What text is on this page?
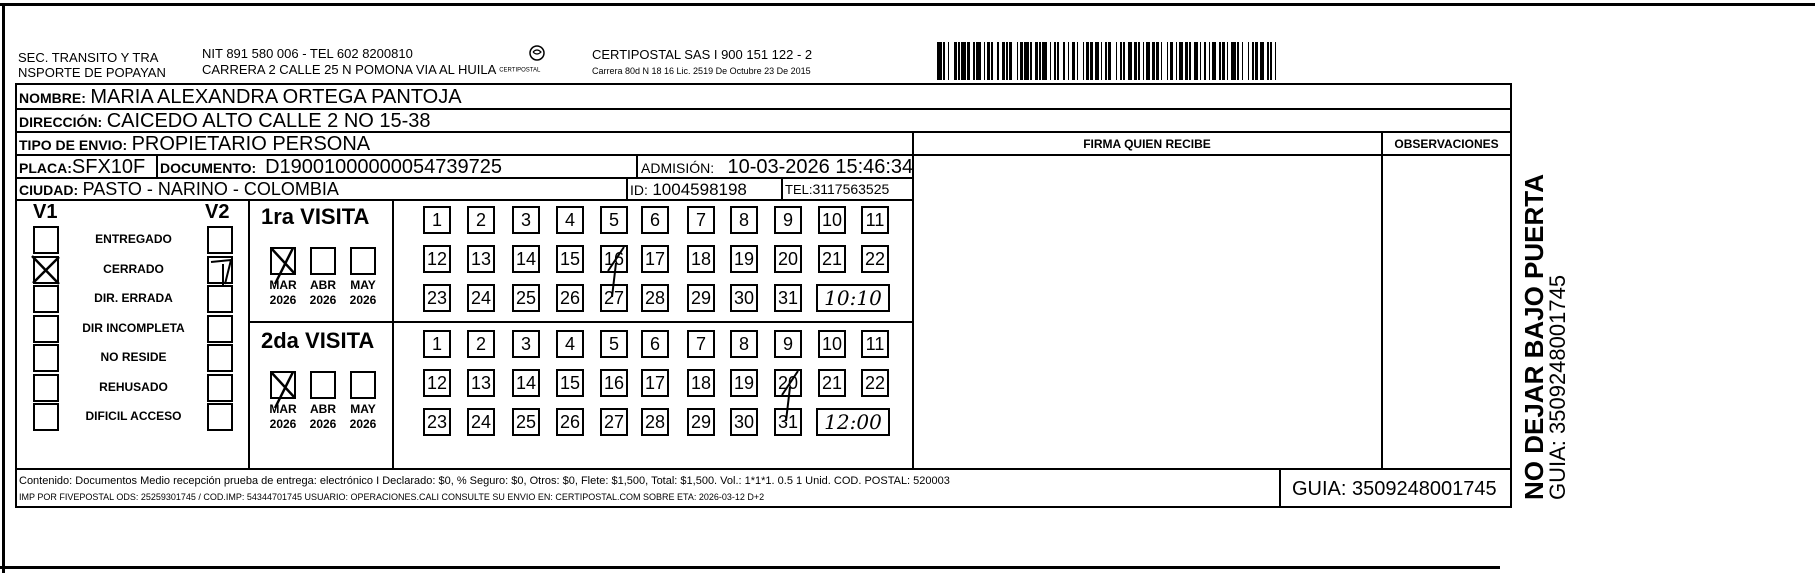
SEC. TRANSITO Y TRA
NSPORTE DE POPAYAN
NIT 891 580 006 - TEL 602 8200810
CARRERA 2 CALLE 25 N POMONA VIA AL HUILA CERTIPOSTAL
CERTIPOSTAL SAS I 900 151 122 - 2
Carrera 80d N 18 16 Lic. 2519 De Octubre 23 De 2015
NOMBRE: MARIA ALEXANDRA ORTEGA PANTOJA
DIRECCIÓN: CAICEDO ALTO CALLE 2 NO 15-38
TIPO DE ENVIO: PROPIETARIO PERSONA
PLACA:SFX10F DOCUMENTO: D19001000000054739725	ADMISIÓN: 10-03-2026 15:46:34
CIUDAD: PASTO - NARINO - COLOMBIA	ID: 1004598198	TEL:3117563525
FIRMA QUIEN RECIBE	OBSERVACIONES
NO DEJAR BAJO PUERTA
GUIA: 3509248001745
V1	V2
ENTREGADO
CERRADO
DIR. ERRADA
DIR INCOMPLETA
NO RESIDE
REHUSADO
DIFICIL ACCESO
1ra VISITA
MAR
2026
ABR
2026
MAY
2026
1	2	3	4	5	6	7	8	9	10 11
12 13 14 15 16 17 18 19 20 21 22
23 24 25 26 27 28 29 30 31	10:10
2da VISITA
MAR
2026
ABR
2026
MAY
2026
1	2	3	4	5	6	7	8	9	10 11
12 13 14 15 16 17 18 19 20 21 22
23 24 25 26 27 28 29 30 31	12:00
Contenido: Documentos Medio recepción prueba de entrega: electrónico I Declarado: $0, % Seguro: $0, Otros: $0, Flete: $1,500, Total: $1,500. Vol.: 1*1*1. 0.5 1 Unid. COD. POSTAL: 520003
IMP POR FIVEPOSTAL ODS: 25259301745 / COD.IMP: 54344701745 USUARIO: OPERACIONES.CALI CONSULTE SU ENVIO EN: CERTIPOSTAL.COM SOBRE ETA: 2026-03-12 D+2	GUIA: 3509248001745
